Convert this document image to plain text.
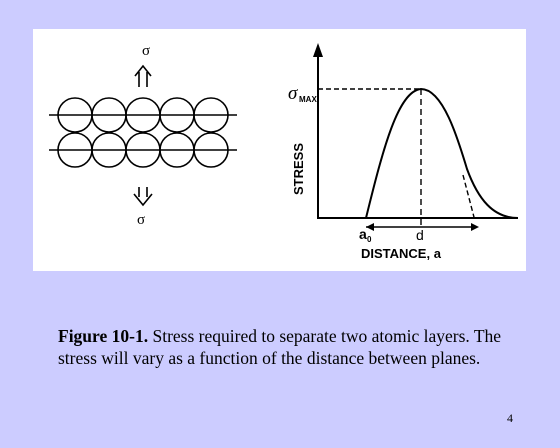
σ
σ
σ MAX
STRESS
a 0	d
DISTANCE, a
Figure 10-1. Stress required to separate two atomic layers. The stress will vary as a function of the distance between planes.
4
